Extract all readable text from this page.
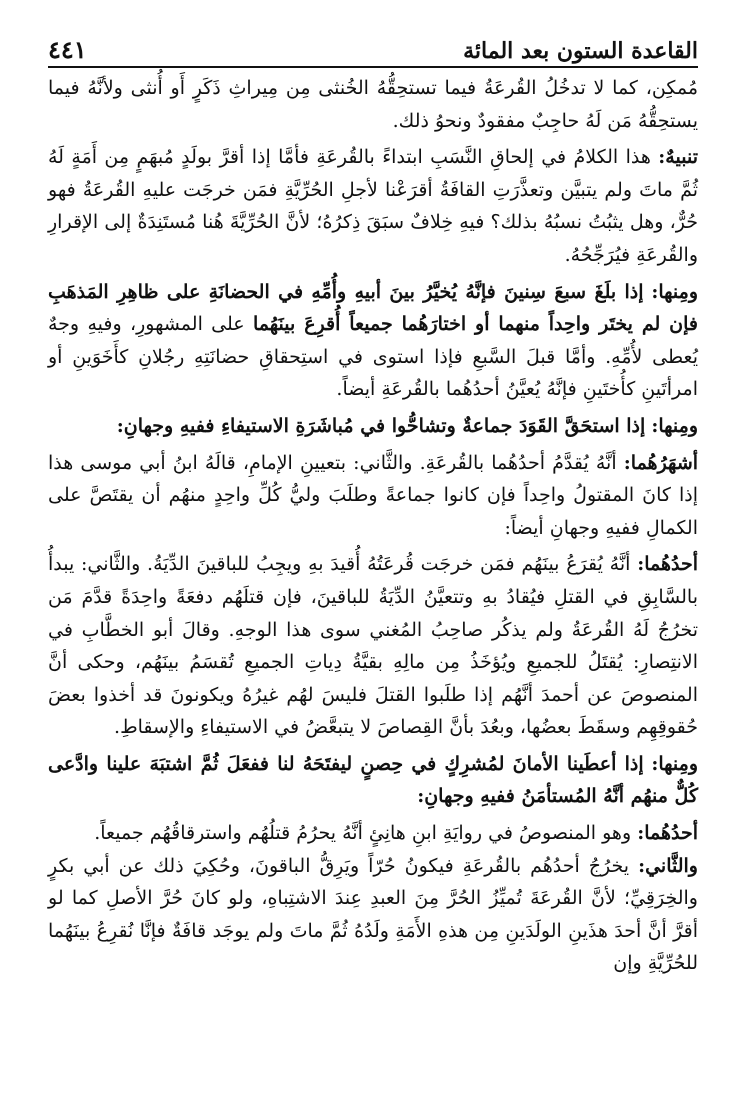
القاعدة الستون بعد المائة
٤٤١

مُمكِن، كما لا تدخُلُ القُرعَةُ فيما تستحِقُّهُ الخُنثى مِن مِيراثِ ذَكَرٍ أَو أُنثى ولأنَّهُ فيما يستحِقُّهُ مَن لَهُ حاجِبٌ مفقودٌ ونحوُ ذلك.

تنبيهٌ: هذا الكلامُ في إلحاقِ النَّسَبِ ابتداءً بالقُرعَةِ فأمَّا إذا أقرَّ بولَدٍ مُبهَمٍ مِن أَمَةٍ لَهُ ثُمَّ ماتَ ولم يتبيَّن وتعذَّرَتِ القافَةُ أقرَعْنا لأجلِ الحُرِّيَّةِ فمَن خرجَت عليهِ القُرعَةُ فهو حُرٌّ، وهل يثبُتُ نسبُهُ بذلك؟ فيهِ خِلافٌ سبَقَ ذِكرُهُ؛ لأنَّ الحُرِّيَّةَ هُنا مُستَنِدَةٌ إلى الإقرارِ والقُرعَةِ فيُرَجِّحُهُ.

ومِنها: إذا بلَغَ سبعَ سِنينَ فإنَّهُ يُخيَّرُ بينَ أبيهِ وأُمِّهِ في الحضانَةِ على ظاهِرِ المَذهَبِ فإن لم يختَر واحِداً منهما أو اختارَهُما جميعاً أُقرِعَ بينَهُما على المشهورِ، وفيهِ وجهٌ يُعطى لأُمِّهِ. وأمَّا قبلَ السَّبعِ فإذا استوى في استِحقاقِ حضانَتِهِ رجُلانِ كأَخَوَينِ أو امرأتَينِ كأُختَينِ فإنَّهُ يُعيَّنُ أحدُهُما بالقُرعَةِ أيضاً.

ومِنها: إذا استحَقَّ القَوَدَ جماعةٌ وتشاحُّوا في مُباشَرَةِ الاستيفاءِ ففيهِ وجهانِ:

أشهَرُهُما: أنَّهُ يُقدَّمُ أحدُهُما بالقُرعَةِ. والثَّاني: بتعيينِ الإمامِ، قالَهُ ابنُ أبي موسى هذا إذا كانَ المقتولُ واحِداً فإن كانوا جماعةً وطلَبَ وليُّ كُلِّ واحِدٍ منهُم أن يقتَصَّ على الكمالِ ففيهِ وجهانِ أيضاً:

أحدُهُما: أنَّهُ يُقرَعُ بينَهُم فمَن خرجَت قُرعَتُهُ أُقيدَ بهِ ويجِبُ للباقينَ الدِّيَةُ. والثَّاني: يبدأُ بالسَّابِقِ في القتلِ فيُقادُ بهِ وتتعيَّنُ الدِّيَةُ للباقينَ، فإن قتلَهُم دفعَةً واحِدَةً قدَّمَ مَن تخرُجُ لَهُ القُرعَةُ ولم يذكُر صاحِبُ المُغني سوى هذا الوجهِ. وقالَ أبو الخطَّابِ في الانتِصارِ: يُقتَلُ للجميعِ ويُؤخَذُ مِن مالِهِ بقيَّةُ دِياتِ الجميعِ تُقسَمُ بينَهُم، وحكى أنَّ المنصوصَ عن أحمدَ أنَّهُم إذا طلَبوا القتلَ فليسَ لهُم غيرُهُ ويكونونَ قد أخذوا بعضَ حُقوقِهِم وسقَطَ بعضُها، وبعُدَ بأنَّ القِصاصَ لا يتبعَّضُ في الاستيفاءِ والإسقاطِ.

ومِنها: إذا أعطَينا الأمانَ لمُشرِكٍ في حِصنٍ ليفتَحَهُ لنا ففعَلَ ثُمَّ اشتبَهَ علينا وادَّعى كُلٌّ منهُم أنَّهُ المُستأمَنُ ففيهِ وجهانِ:

أحدُهُما: وهو المنصوصُ في روايَةِ ابنِ هانِئٍ أنَّهُ يحرُمُ قتلُهُم واسترقاقُهُم جميعاً.

والثَّاني: يخرُجُ أحدُهُم بالقُرعَةِ فيكونُ حُرّاً ويَرِقُّ الباقونَ، وحُكِيَ ذلك عن أبي بكرٍ والخِرَقِيِّ؛ لأنَّ القُرعَةَ تُميِّزُ الحُرَّ مِنَ العبدِ عِندَ الاشتِباهِ، ولو كانَ حُرَّ الأصلِ كما لو أقرَّ أنَّ أحدَ هذَينِ الولَدَينِ مِن هذهِ الأَمَةِ ولَدُهُ ثُمَّ ماتَ ولم يوجَد قافَةٌ فإنَّا نُقرِعُ بينَهُما للحُرِّيَّةِ وإن
